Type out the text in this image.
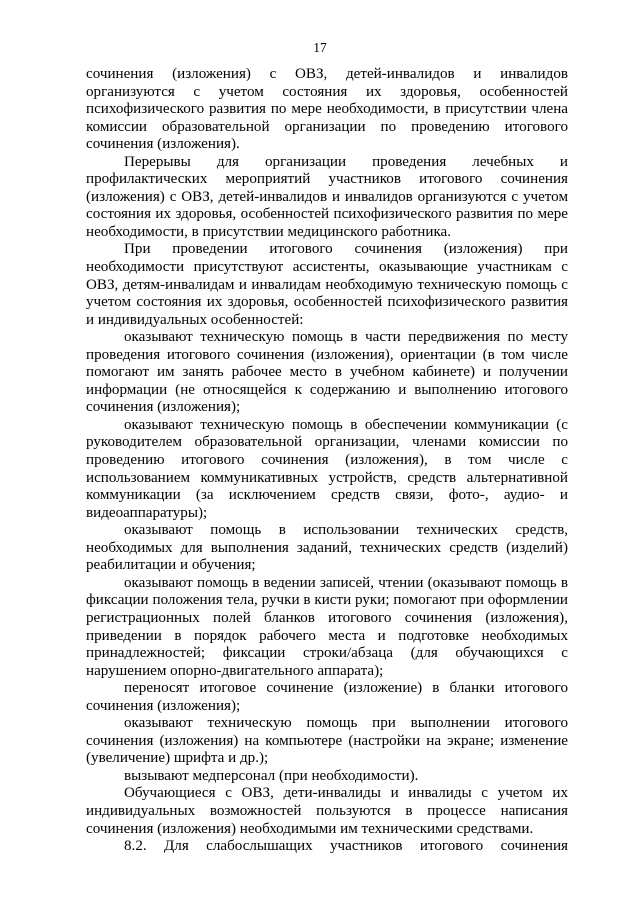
17

сочинения (изложения) с ОВЗ, детей-инвалидов и инвалидов организуются с учетом состояния их здоровья, особенностей психофизического развития по мере необходимости, в присутствии члена комиссии образовательной организации по проведению итогового сочинения (изложения).

Перерывы для организации проведения лечебных и профилактических мероприятий участников итогового сочинения (изложения) с ОВЗ, детей-инвалидов и инвалидов организуются с учетом состояния их здоровья, особенностей психофизического развития по мере необходимости, в присутствии медицинского работника.

При проведении итогового сочинения (изложения) при необходимости присутствуют ассистенты, оказывающие участникам с ОВЗ, детям-инвалидам и инвалидам необходимую техническую помощь с учетом состояния их здоровья, особенностей психофизического развития и индивидуальных особенностей:

оказывают техническую помощь в части передвижения по месту проведения итогового сочинения (изложения), ориентации (в том числе помогают им занять рабочее место в учебном кабинете) и получении информации (не относящейся к содержанию и выполнению итогового сочинения (изложения);

оказывают техническую помощь в обеспечении коммуникации (с руководителем образовательной организации, членами комиссии по проведению итогового сочинения (изложения), в том числе с использованием коммуникативных устройств, средств альтернативной коммуникации (за исключением средств связи, фото-, аудио- и видеоаппаратуры);

оказывают помощь в использовании технических средств, необходимых для выполнения заданий, технических средств (изделий) реабилитации и обучения;

оказывают помощь в ведении записей, чтении (оказывают помощь в фиксации положения тела, ручки в кисти руки; помогают при оформлении регистрационных полей бланков итогового сочинения (изложения), приведении в порядок рабочего места и подготовке необходимых принадлежностей; фиксации строки/абзаца (для обучающихся с нарушением опорно-двигательного аппарата);

переносят итоговое сочинение (изложение) в бланки итогового сочинения (изложения);

оказывают техническую помощь при выполнении итогового сочинения (изложения) на компьютере (настройки на экране; изменение (увеличение) шрифта и др.);

вызывают медперсонал (при необходимости).

Обучающиеся с ОВЗ, дети-инвалиды и инвалиды с учетом их индивидуальных возможностей пользуются в процессе написания сочинения (изложения) необходимыми им техническими средствами.

8.2. Для слабослышащих участников итогового сочинения
